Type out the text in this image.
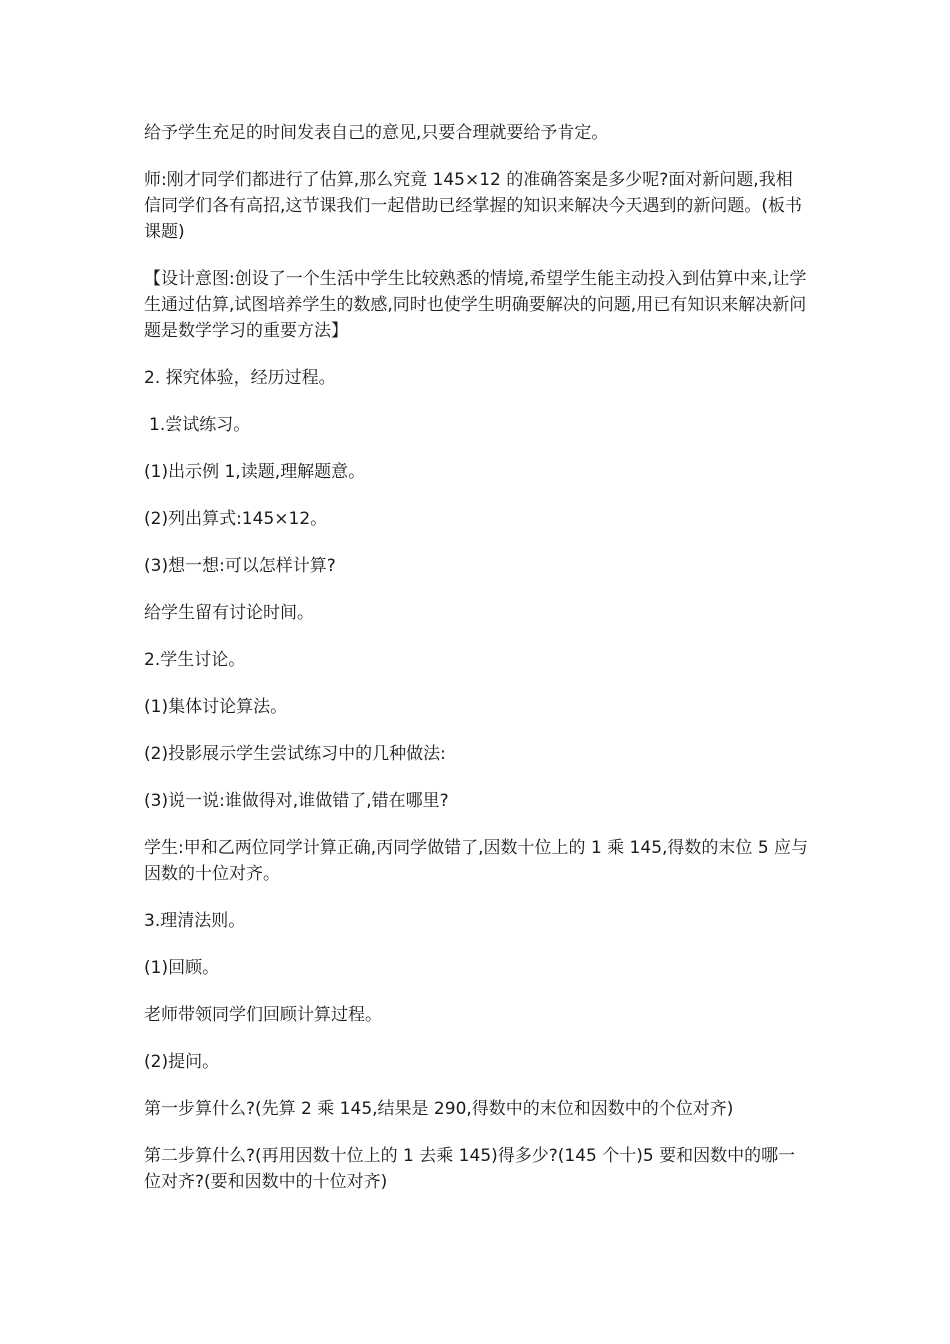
给予学生充足的时间发表自己的意见,只要合理就要给予肯定。

师:刚才同学们都进行了估算,那么究竟 145×12 的准确答案是多少呢?面对新问题,我相信同学们各有高招,这节课我们一起借助已经掌握的知识来解决今天遇到的新问题。(板书课题)

【设计意图:创设了一个生活中学生比较熟悉的情境,希望学生能主动投入到估算中来,让学生通过估算,试图培养学生的数感,同时也使学生明确要解决的问题,用已有知识来解决新问题是数学学习的重要方法】

2. 探究体验，经历过程。

1.尝试练习。

(1)出示例 1,读题,理解题意。

(2)列出算式:145×12。

(3)想一想:可以怎样计算?

给学生留有讨论时间。

2.学生讨论。

(1)集体讨论算法。

(2)投影展示学生尝试练习中的几种做法:

(3)说一说:谁做得对,谁做错了,错在哪里?

学生:甲和乙两位同学计算正确,丙同学做错了,因数十位上的 1 乘 145,得数的末位 5 应与因数的十位对齐。

3.理清法则。

(1)回顾。

老师带领同学们回顾计算过程。

(2)提问。

第一步算什么?(先算 2 乘 145,结果是 290,得数中的末位和因数中的个位对齐)

第二步算什么?(再用因数十位上的 1 去乘 145)得多少?(145 个十)5 要和因数中的哪一位对齐?(要和因数中的十位对齐)
